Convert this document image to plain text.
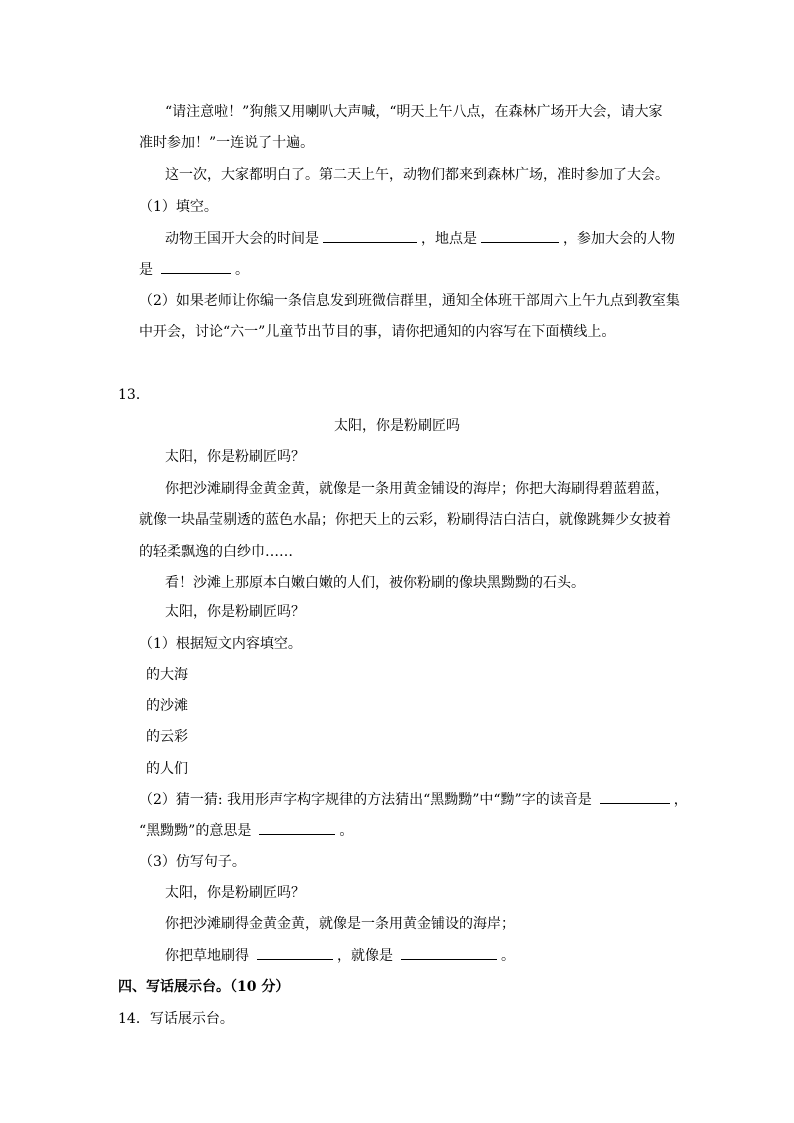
“请注意啦！”狗熊又用喇叭大声喊，“明天上午八点，在森林广场开大会，请大家
准时参加！”一连说了十遍。
这一次，大家都明白了。第二天上午，动物们都来到森林广场，准时参加了大会。
（1）填空。
动物王国开大会的时间是	，地点是	，参加大会的人物
是	。
（2）如果老师让你编一条信息发到班微信群里，通知全体班干部周六上午九点到教室集
中开会，讨论“六一”儿童节出节目的事，请你把通知的内容写在下面横线上。
13．
太阳，你是粉刷匠吗
太阳，你是粉刷匠吗？
你把沙滩刷得金黄金黄，就像是一条用黄金铺设的海岸；你把大海刷得碧蓝碧蓝，
就像一块晶莹剔透的蓝色水晶；你把天上的云彩，粉刷得洁白洁白，就像跳舞少女披着
的轻柔飘逸的白纱巾……
看！沙滩上那原本白嫩白嫩的人们，被你粉刷的像块黑黝黝的石头。
太阳，你是粉刷匠吗？
（1）根据短文内容填空。
的大海
的沙滩
的云彩
的人们
（2）猜一猜: 我用形声字构字规律的方法猜出“黑黝黝”中“黝”字的读音是	，
“黑黝黝”的意思是	。
（3）仿写句子。
太阳，你是粉刷匠吗？
你把沙滩刷得金黄金黄，就像是一条用黄金铺设的海岸；
你把草地刷得	，就像是	。
四、写话展示台。（10 分）
14．写话展示台。
